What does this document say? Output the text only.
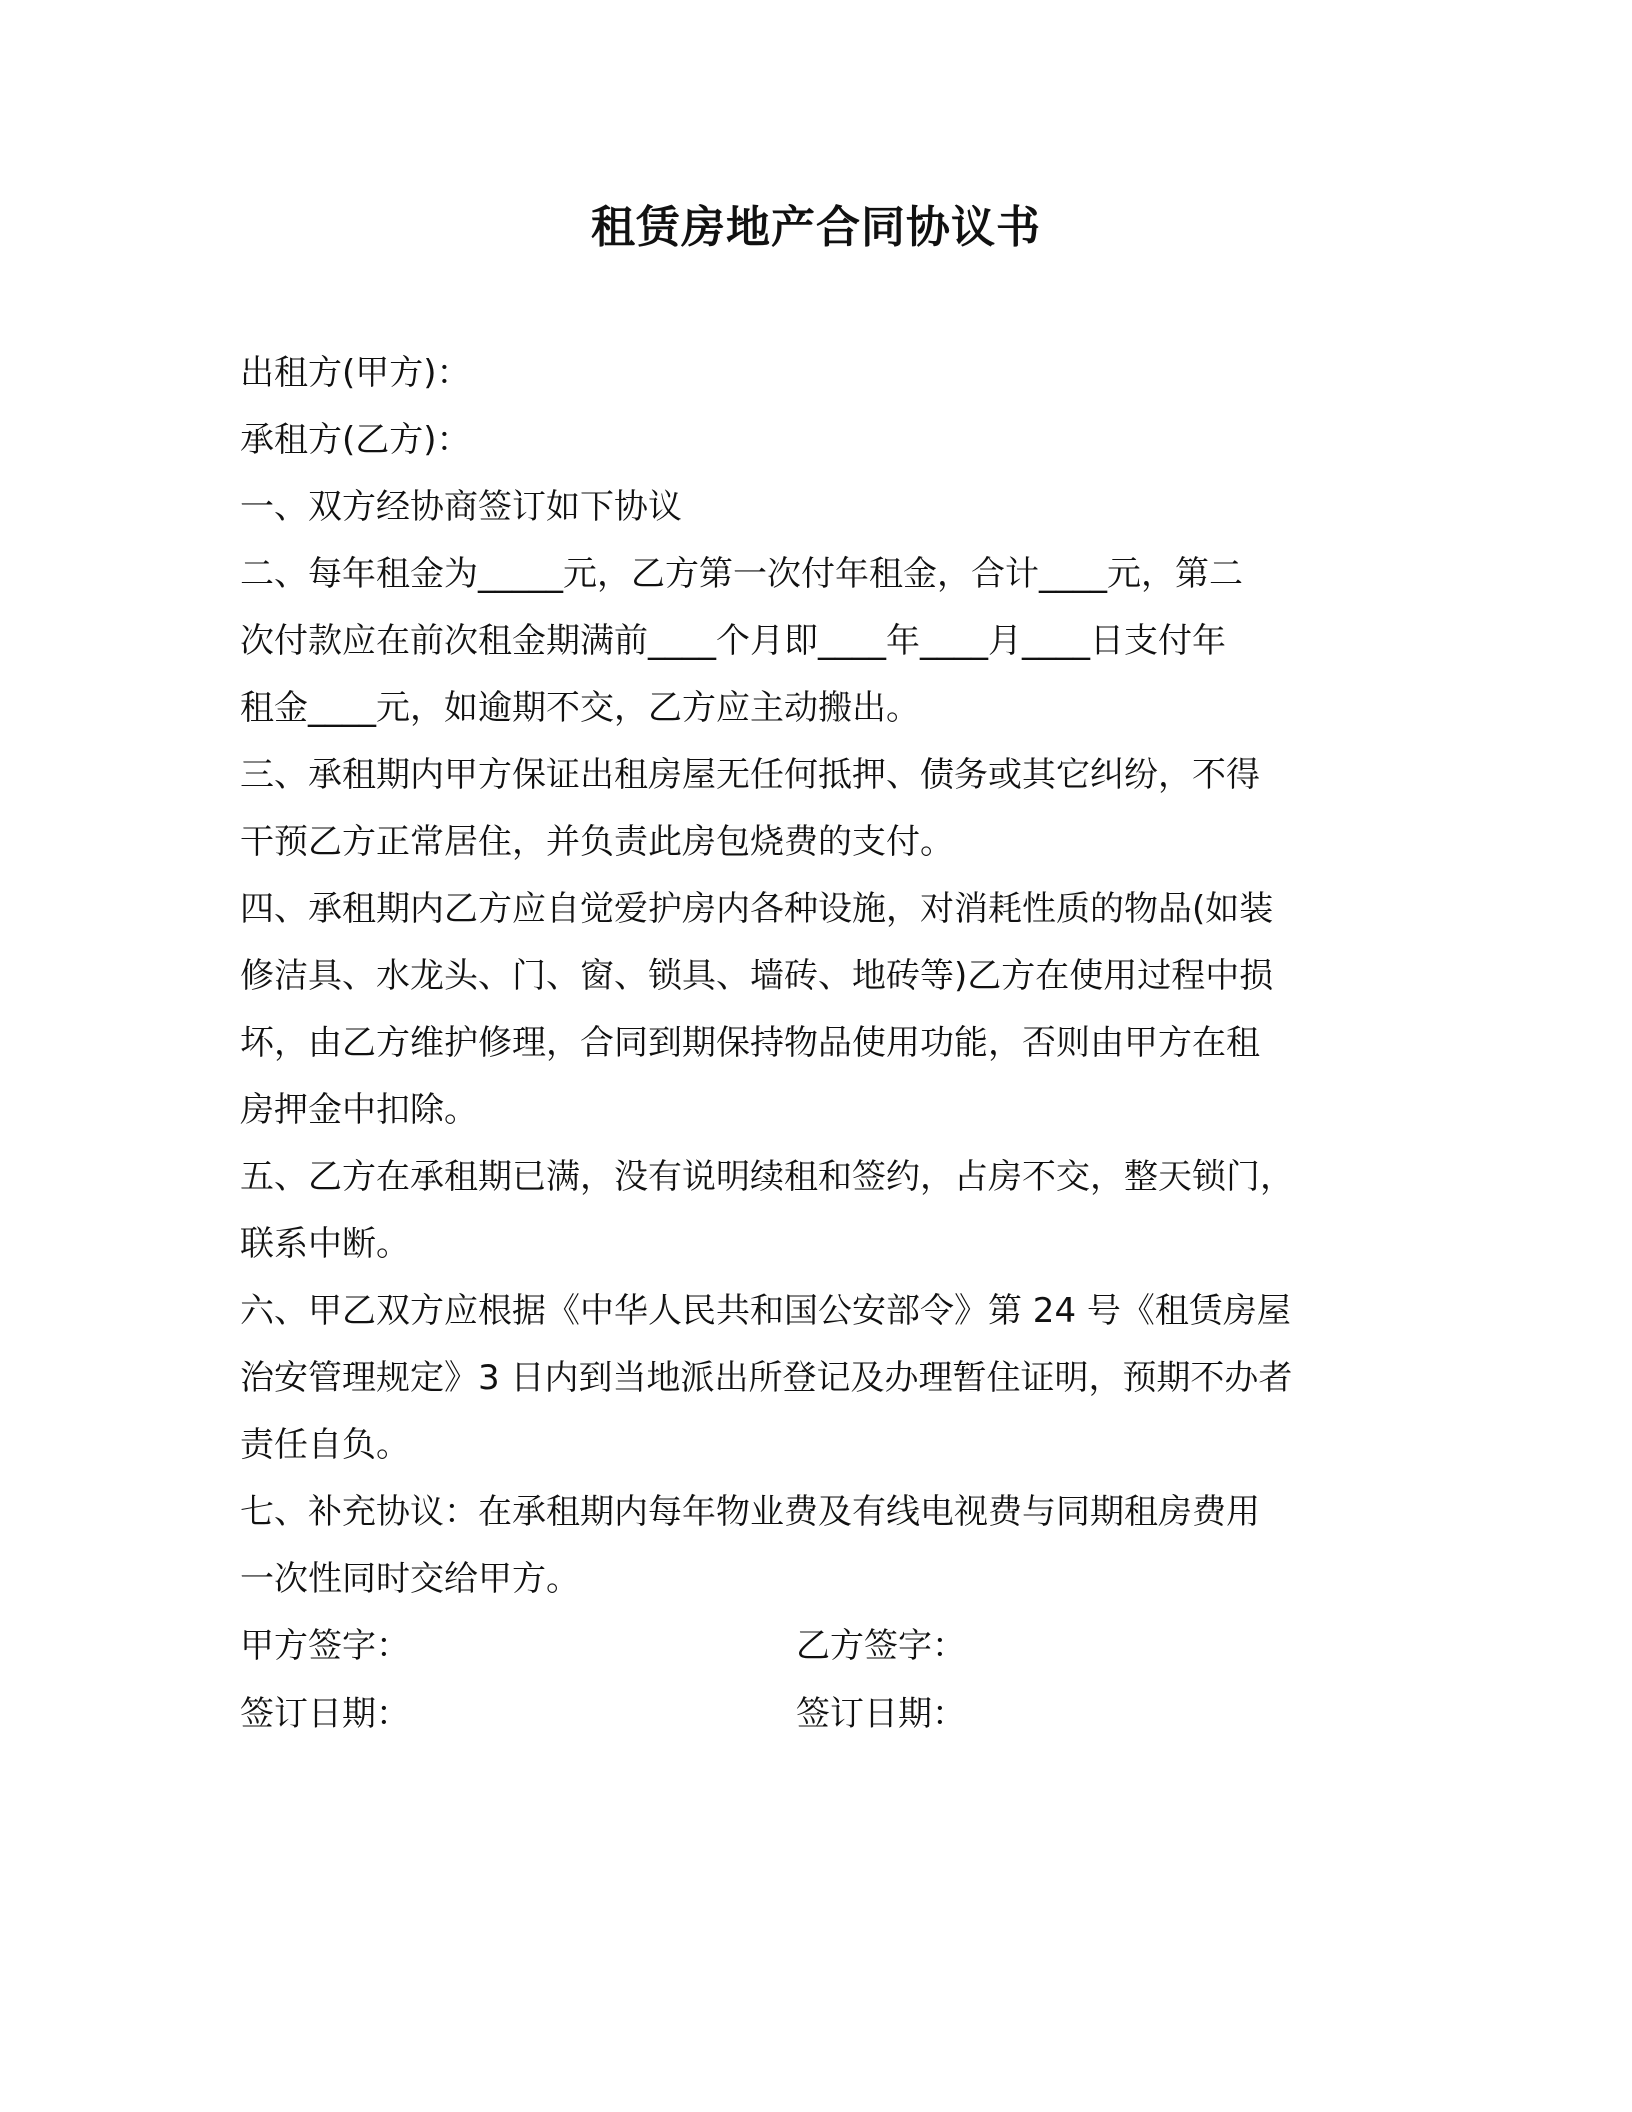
租赁房地产合同协议书
出租方(甲方)：
承租方(乙方)：
一、双方经协商签订如下协议
二、每年租金为_____元，乙方第一次付年租金，合计____元，第二
次付款应在前次租金期满前____个月即____年____月____日支付年
租金____元，如逾期不交，乙方应主动搬出。
三、承租期内甲方保证出租房屋无任何抵押、债务或其它纠纷，不得
干预乙方正常居住，并负责此房包烧费的支付。
四、承租期内乙方应自觉爱护房内各种设施，对消耗性质的物品(如装
修洁具、水龙头、门、窗、锁具、墙砖、地砖等)乙方在使用过程中损
坏，由乙方维护修理，合同到期保持物品使用功能，否则由甲方在租
房押金中扣除。
五、乙方在承租期已满，没有说明续租和签约，占房不交，整天锁门，
联系中断。
六、甲乙双方应根据《中华人民共和国公安部令》第 24 号《租赁房屋
治安管理规定》3 日内到当地派出所登记及办理暂住证明，预期不办者
责任自负。
七、补充协议：在承租期内每年物业费及有线电视费与同期租房费用
一次性同时交给甲方。
甲方签字：	乙方签字：
签订日期：	签订日期：
